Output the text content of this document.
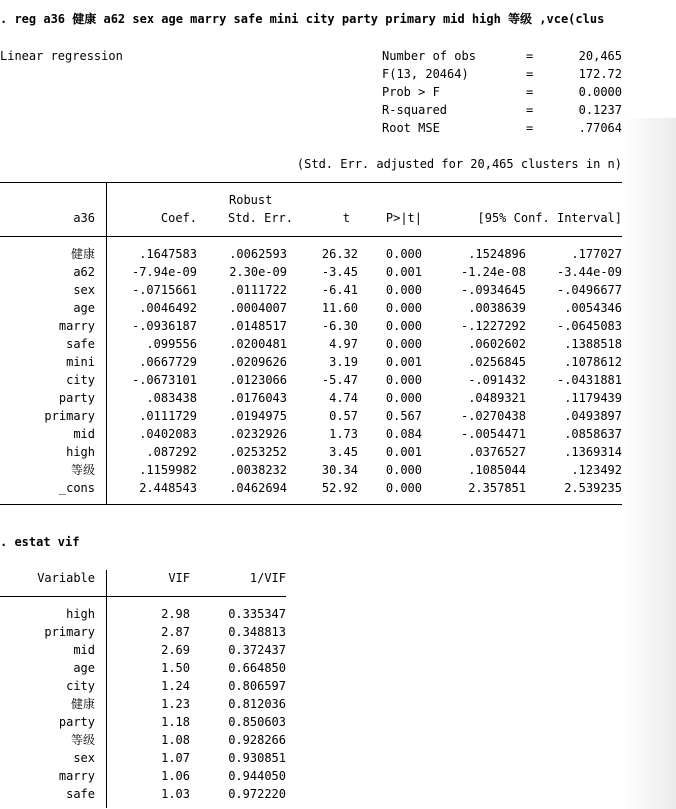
. reg a36 健康 a62 sex age marry safe mini city party primary mid high 等级 ,vce(clus
Linear regression	Number of obs	=	20,465
F(13, 20464)	=	172.72
Prob > F	=	0.0000
R-squared	=	0.1237
Root MSE	=	.77064
(Std. Err. adjusted for 20,465 clusters in n)
Robust
a36	Coef.	Std. Err.	t	P>|t|	[95% Conf. Interval]
健康	.1647583	.0062593	26.32	0.000	.1524896	.177027
a62	-7.94e-09	2.30e-09	-3.45	0.001	-1.24e-08	-3.44e-09
sex	-.0715661	.0111722	-6.41	0.000	-.0934645	-.0496677
age	.0046492	.0004007	11.60	0.000	.0038639	.0054346
marry	-.0936187	.0148517	-6.30	0.000	-.1227292	-.0645083
safe	.099556	.0200481	4.97	0.000	.0602602	.1388518
mini	.0667729	.0209626	3.19	0.001	.0256845	.1078612
city	-.0673101	.0123066	-5.47	0.000	-.091432	-.0431881
party	.083438	.0176043	4.74	0.000	.0489321	.1179439
primary	.0111729	.0194975	0.57	0.567	-.0270438	.0493897
mid	.0402083	.0232926	1.73	0.084	-.0054471	.0858637
high	.087292	.0253252	3.45	0.001	.0376527	.1369314
等级	.1159982	.0038232	30.34	0.000	.1085044	.123492
_cons	2.448543	.0462694	52.92	0.000	2.357851	2.539235
. estat vif
Variable	VIF	1/VIF
high	2.98	0.335347
primary	2.87	0.348813
mid	2.69	0.372437
age	1.50	0.664850
city	1.24	0.806597
健康	1.23	0.812036
party	1.18	0.850603
等级	1.08	0.928266
sex	1.07	0.930851
marry	1.06	0.944050
safe	1.03	0.972220
